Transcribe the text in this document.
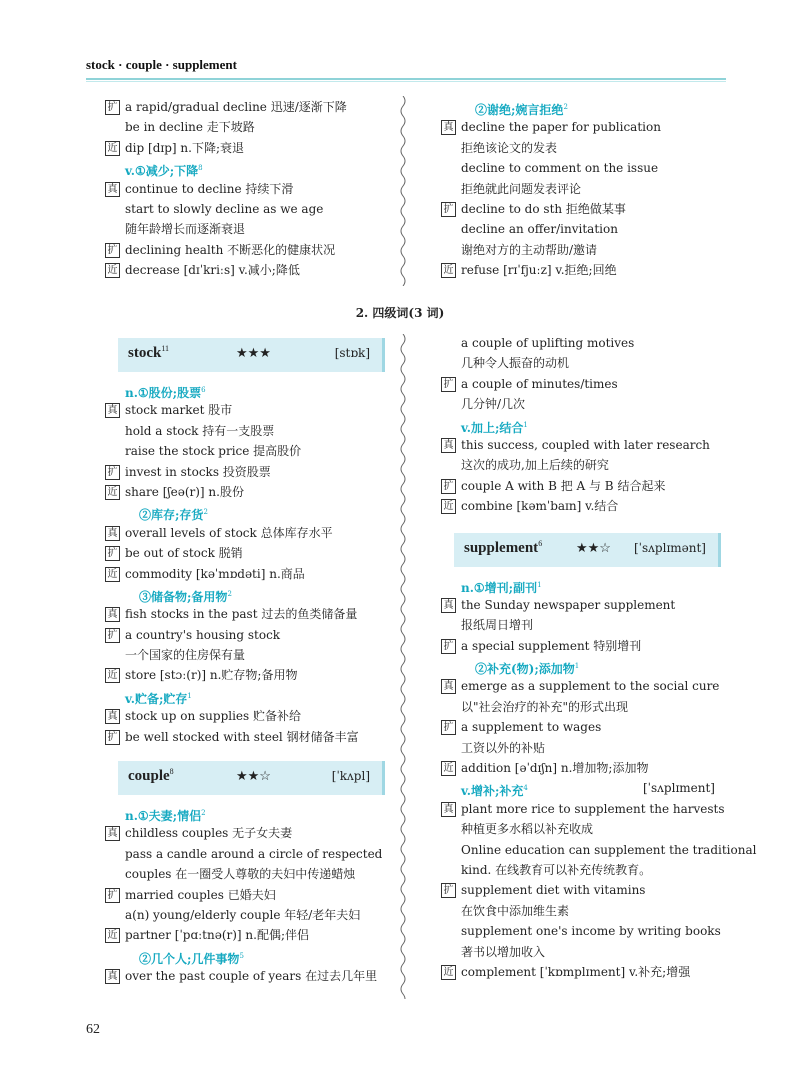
stock · couple · supplement
扩 a rapid/gradual decline 迅速/逐渐下降
be in decline 走下坡路
近 dip [dɪp] n.下降;衰退
v.①减少;下降$^8$
真 continue to decline 持续下滑
start to slowly decline as we age
随年龄增长而逐渐衰退
扩 declining health 不断恶化的健康状况
近 decrease [dɪˈkriːs] v.减小;降低
②谢绝;婉言拒绝$^2$
真 decline the paper for publication
拒绝该论文的发表
decline to comment on the issue
拒绝就此问题发表评论
扩 decline to do sth 拒绝做某事
decline an offer/invitation
谢绝对方的主动帮助/邀请
近 refuse [rɪˈfjuːz] v.拒绝;回绝
2. 四级词(3 词)
stock$^{11}$	★★★	[stɒk]
n.①股份;股票$^6$
真 stock market 股市
hold a stock 持有一支股票
raise the stock price 提高股价
扩 invest in stocks 投资股票
近 share [ʃeə(r)] n.股份
②库存;存货$^2$
真 overall levels of stock 总体库存水平
扩 be out of stock 脱销
近 commodity [kəˈmɒdəti] n.商品
③储备物;备用物$^2$
真 fish stocks in the past 过去的鱼类储备量
扩 a country's housing stock
一个国家的住房保有量
近 store [stɔː(r)] n.贮存物;备用物
v.贮备;贮存$^1$
真 stock up on supplies 贮备补给
扩 be well stocked with steel 钢材储备丰富
couple$^8$	★★☆	[ˈkʌpl]
n.①夫妻;情侣$^2$
真 childless couples 无子女夫妻
pass a candle around a circle of respected
couples 在一圈受人尊敬的夫妇中传递蜡烛
扩 married couples 已婚夫妇
a(n) young/elderly couple 年轻/老年夫妇
近 partner [ˈpɑːtnə(r)] n.配偶;伴侣
②几个人;几件事物$^5$
真 over the past couple of years 在过去几年里
a couple of uplifting motives
几种令人振奋的动机
扩 a couple of minutes/times
几分钟/几次
v.加上;结合$^1$
真 this success, coupled with later research
这次的成功,加上后续的研究
扩 couple A with B 把 A 与 B 结合起来
近 combine [kəmˈbaɪn] v.结合
supplement$^6$	★★☆ [ˈsʌplɪmənt]
n.①增刊;副刊$^1$
真 the Sunday newspaper supplement
报纸周日增刊
扩 a special supplement 特别增刊
②补充(物);添加物$^1$
真 emerge as a supplement to the social cure
以"社会治疗的补充"的形式出现
扩 a supplement to wages
工资以外的补贴
近 addition [əˈdɪʃn] n.增加物;添加物
v.增补;补充$^4$	[ˈsʌplɪment]
真 plant more rice to supplement the harvests
种植更多水稻以补充收成
Online education can supplement the traditional
kind. 在线教育可以补充传统教育。
扩 supplement diet with vitamins
在饮食中添加维生素
supplement one's income by writing books
著书以增加收入
近 complement [ˈkɒmplɪment] v.补充;增强
62
